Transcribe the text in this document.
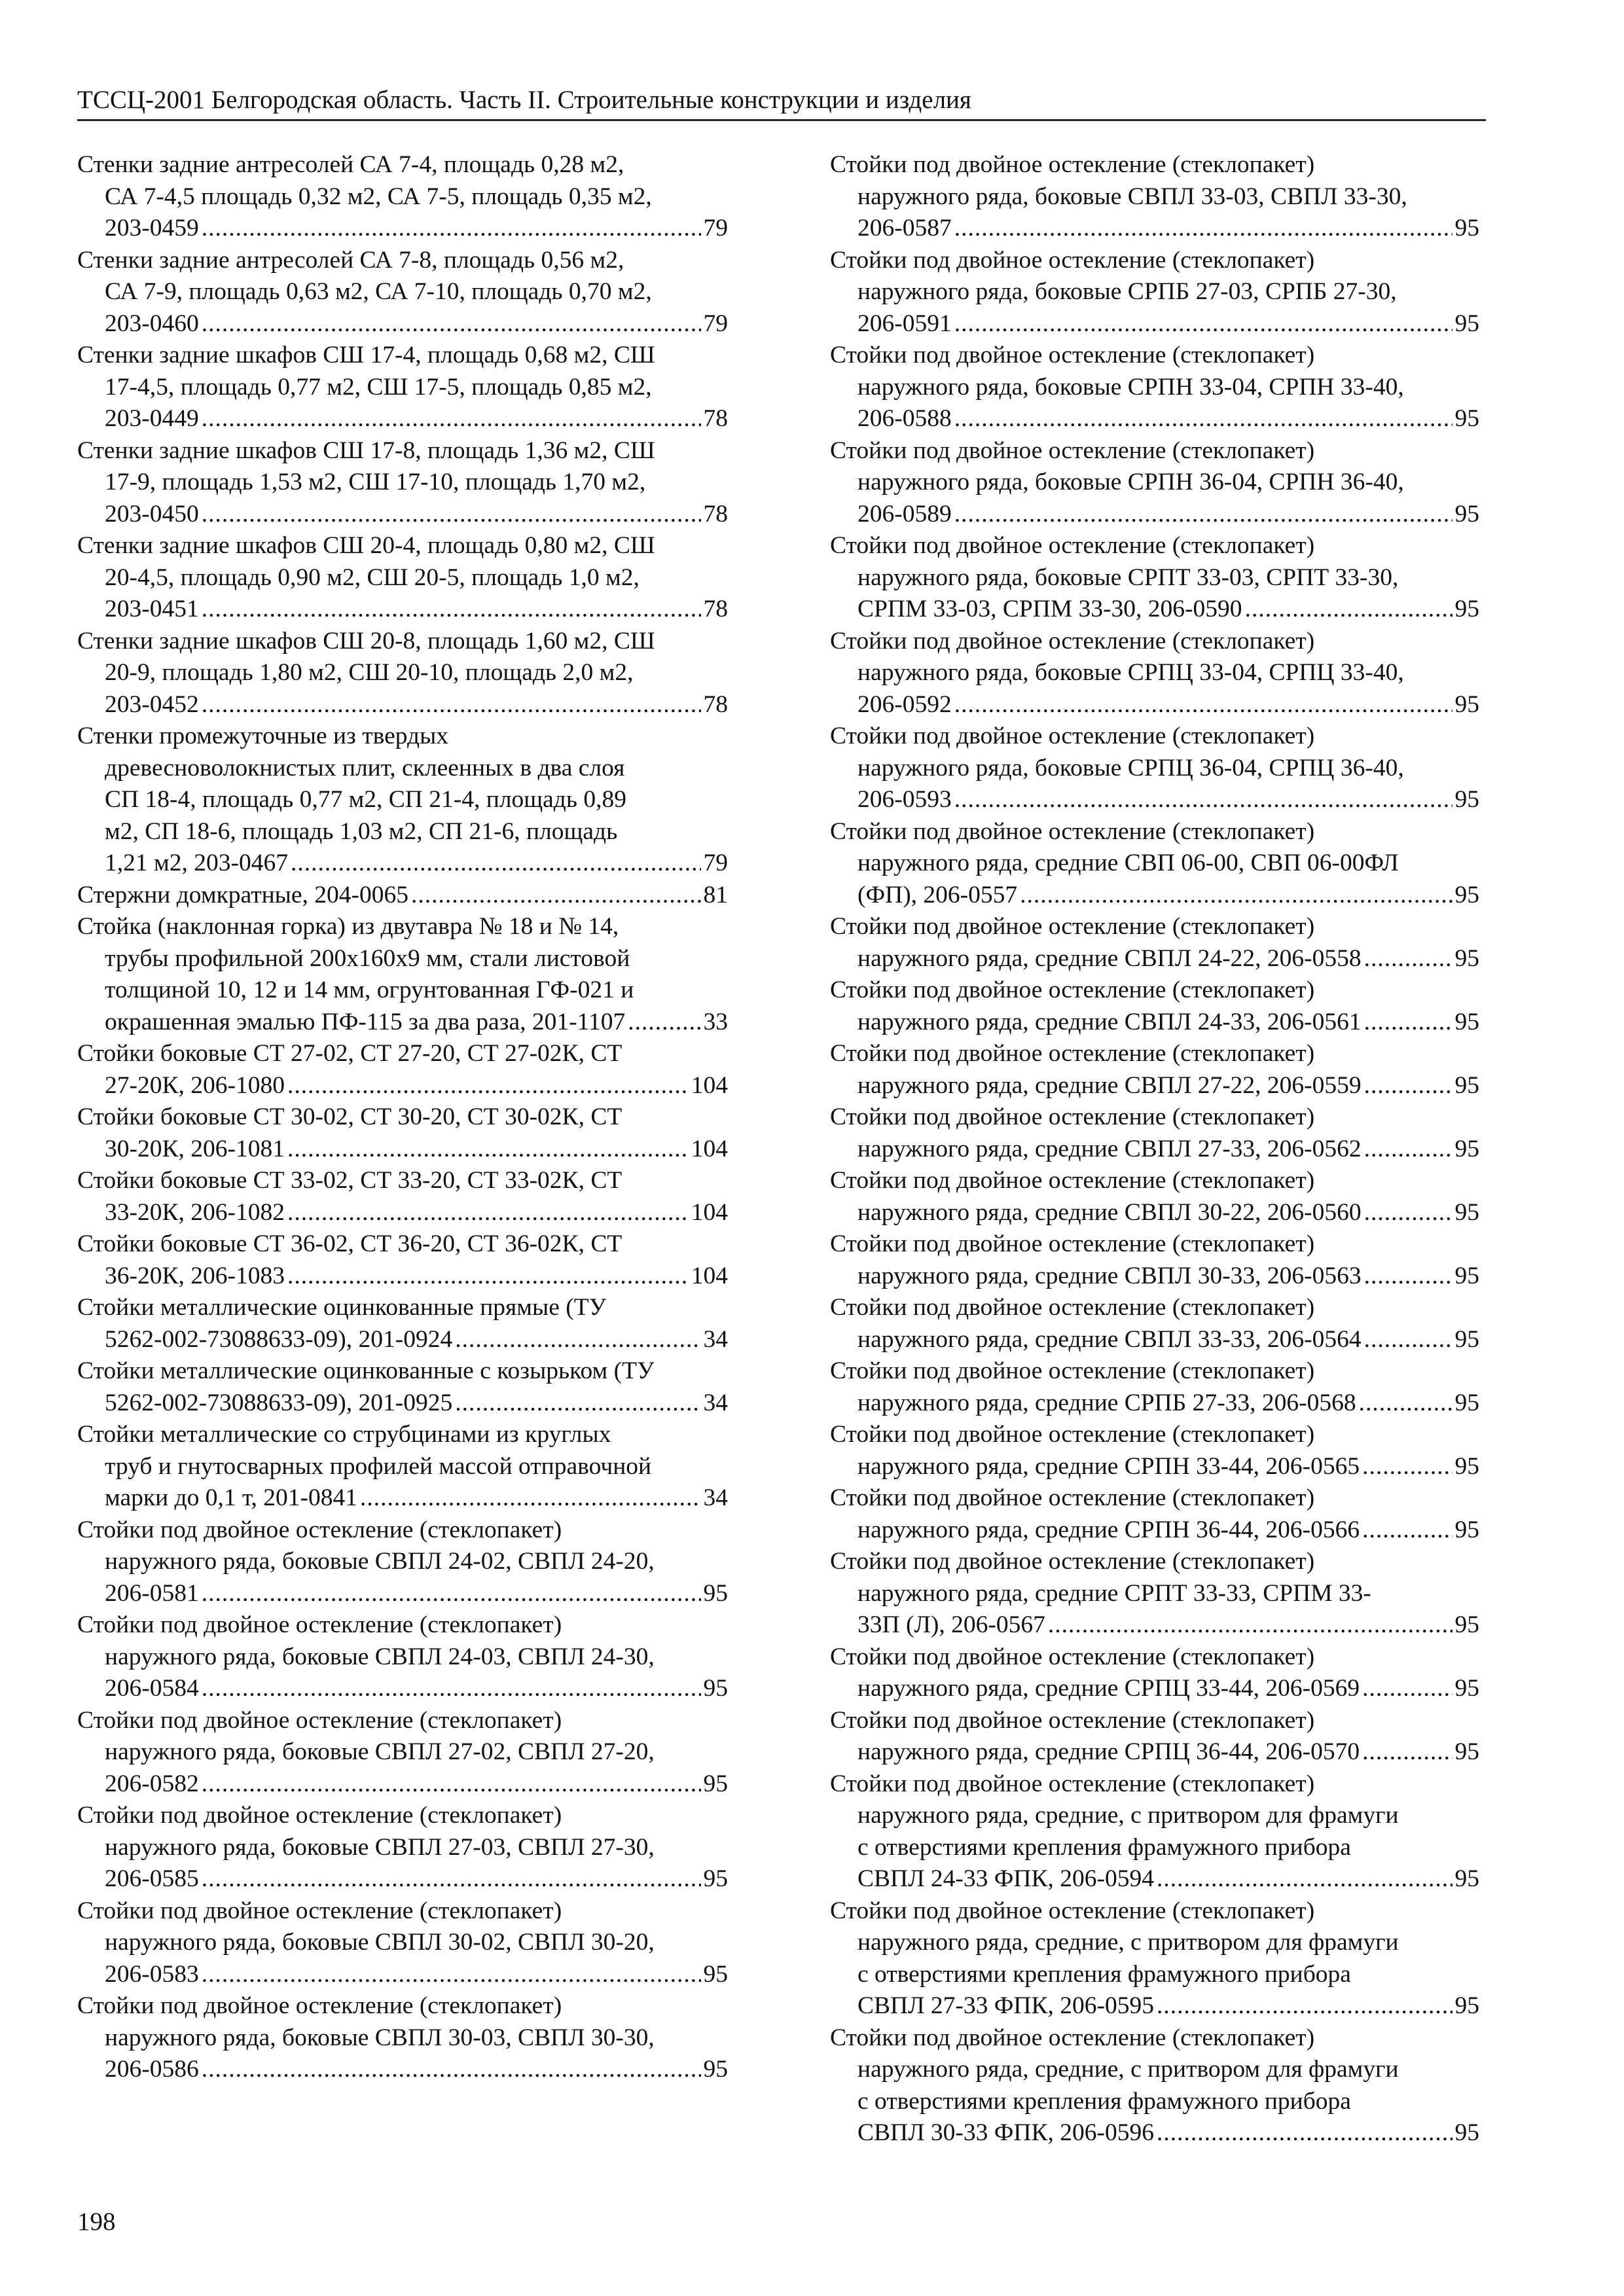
ТССЦ-2001 Белгородская область. Часть II. Строительные конструкции и изделия
Стенки задние антресолей СА 7-4, площадь 0,28 м2,
СА 7-4,5 площадь 0,32 м2, СА 7-5, площадь 0,35 м2,
203-0459 .....	79
Стенки задние антресолей СА 7-8, площадь 0,56 м2,
СА 7-9, площадь 0,63 м2, СА 7-10, площадь 0,70 м2,
203-0460 .....	79
Стенки задние шкафов СШ 17-4, площадь 0,68 м2, СШ
17-4,5, площадь 0,77 м2, СШ 17-5, площадь 0,85 м2,
203-0449 .....	78
Стенки задние шкафов СШ 17-8, площадь 1,36 м2, СШ
17-9, площадь 1,53 м2, СШ 17-10, площадь 1,70 м2,
203-0450 .....	78
Стенки задние шкафов СШ 20-4, площадь 0,80 м2, СШ
20-4,5, площадь 0,90 м2, СШ 20-5, площадь 1,0 м2,
203-0451 .....	78
Стенки задние шкафов СШ 20-8, площадь 1,60 м2, СШ
20-9, площадь 1,80 м2, СШ 20-10, площадь 2,0 м2,
203-0452 .....	78
Стенки промежуточные из твердых
древесноволокнистых плит, склеенных в два слоя
СП 18-4, площадь 0,77 м2, СП 21-4, площадь 0,89
м2, СП 18-6, площадь 1,03 м2, СП 21-6, площадь
1,21 м2, 203-0467 .....	79
Стержни домкратные, 204-0065 .....	81
Стойка (наклонная горка) из двутавра № 18 и № 14,
трубы профильной 200х160х9 мм, стали листовой
толщиной 10, 12 и 14 мм, огрунтованная ГФ-021 и
окрашенная эмалью ПФ-115 за два раза, 201-1107 .....	33
Стойки боковые СТ 27-02, СТ 27-20, СТ 27-02К, СТ
27-20К, 206-1080 .....	104
Стойки боковые СТ 30-02, СТ 30-20, СТ 30-02К, СТ
30-20К, 206-1081 .....	104
Стойки боковые СТ 33-02, СТ 33-20, СТ 33-02К, СТ
33-20К, 206-1082 .....	104
Стойки боковые СТ 36-02, СТ 36-20, СТ 36-02К, СТ
36-20К, 206-1083 .....	104
Стойки металлические оцинкованные прямые (ТУ
5262-002-73088633-09), 201-0924 .....	34
Стойки металлические оцинкованные с козырьком (ТУ
5262-002-73088633-09), 201-0925 .....	34
Стойки металлические со струбцинами из круглых
труб и гнутосварных профилей массой отправочной
марки до 0,1 т, 201-0841 .....	34
Стойки под двойное остекление (стеклопакет)
наружного ряда, боковые СВПЛ 24-02, СВПЛ 24-20,
206-0581 .....	95
Стойки под двойное остекление (стеклопакет)
наружного ряда, боковые СВПЛ 24-03, СВПЛ 24-30,
206-0584 .....	95
Стойки под двойное остекление (стеклопакет)
наружного ряда, боковые СВПЛ 27-02, СВПЛ 27-20,
206-0582 .....	95
Стойки под двойное остекление (стеклопакет)
наружного ряда, боковые СВПЛ 27-03, СВПЛ 27-30,
206-0585 .....	95
Стойки под двойное остекление (стеклопакет)
наружного ряда, боковые СВПЛ 30-02, СВПЛ 30-20,
206-0583 .....	95
Стойки под двойное остекление (стеклопакет)
наружного ряда, боковые СВПЛ 30-03, СВПЛ 30-30,
206-0586 .....	95
Стойки под двойное остекление (стеклопакет)
наружного ряда, боковые СВПЛ 33-03, СВПЛ 33-30,
206-0587 .....	95
Стойки под двойное остекление (стеклопакет)
наружного ряда, боковые СРПБ 27-03, СРПБ 27-30,
206-0591 .....	95
Стойки под двойное остекление (стеклопакет)
наружного ряда, боковые СРПН 33-04, СРПН 33-40,
206-0588 .....	95
Стойки под двойное остекление (стеклопакет)
наружного ряда, боковые СРПН 36-04, СРПН 36-40,
206-0589 .....	95
Стойки под двойное остекление (стеклопакет)
наружного ряда, боковые СРПТ 33-03, СРПТ 33-30,
СРПМ 33-03, СРПМ 33-30, 206-0590 .....	95
Стойки под двойное остекление (стеклопакет)
наружного ряда, боковые СРПЦ 33-04, СРПЦ 33-40,
206-0592 .....	95
Стойки под двойное остекление (стеклопакет)
наружного ряда, боковые СРПЦ 36-04, СРПЦ 36-40,
206-0593 .....	95
Стойки под двойное остекление (стеклопакет)
наружного ряда, средние СВП 06-00, СВП 06-00ФЛ
(ФП), 206-0557 .....	95
Стойки под двойное остекление (стеклопакет)
наружного ряда, средние СВПЛ 24-22, 206-0558 .....	95
Стойки под двойное остекление (стеклопакет)
наружного ряда, средние СВПЛ 24-33, 206-0561 .....	95
Стойки под двойное остекление (стеклопакет)
наружного ряда, средние СВПЛ 27-22, 206-0559 .....	95
Стойки под двойное остекление (стеклопакет)
наружного ряда, средние СВПЛ 27-33, 206-0562 .....	95
Стойки под двойное остекление (стеклопакет)
наружного ряда, средние СВПЛ 30-22, 206-0560 .....	95
Стойки под двойное остекление (стеклопакет)
наружного ряда, средние СВПЛ 30-33, 206-0563 .....	95
Стойки под двойное остекление (стеклопакет)
наружного ряда, средние СВПЛ 33-33, 206-0564 .....	95
Стойки под двойное остекление (стеклопакет)
наружного ряда, средние СРПБ 27-33, 206-0568 .....	95
Стойки под двойное остекление (стеклопакет)
наружного ряда, средние СРПН 33-44, 206-0565 .....	95
Стойки под двойное остекление (стеклопакет)
наружного ряда, средние СРПН 36-44, 206-0566 .....	95
Стойки под двойное остекление (стеклопакет)
наружного ряда, средние СРПТ 33-33, СРПМ 33-
33П (Л), 206-0567 .....	95
Стойки под двойное остекление (стеклопакет)
наружного ряда, средние СРПЦ 33-44, 206-0569 .....	95
Стойки под двойное остекление (стеклопакет)
наружного ряда, средние СРПЦ 36-44, 206-0570 .....	95
Стойки под двойное остекление (стеклопакет)
наружного ряда, средние, с притвором для фрамуги
с отверстиями крепления фрамужного прибора
СВПЛ 24-33 ФПК, 206-0594 .....	95
Стойки под двойное остекление (стеклопакет)
наружного ряда, средние, с притвором для фрамуги
с отверстиями крепления фрамужного прибора
СВПЛ 27-33 ФПК, 206-0595 .....	95
Стойки под двойное остекление (стеклопакет)
наружного ряда, средние, с притвором для фрамуги
с отверстиями крепления фрамужного прибора
СВПЛ 30-33 ФПК, 206-0596 .....	95
198
